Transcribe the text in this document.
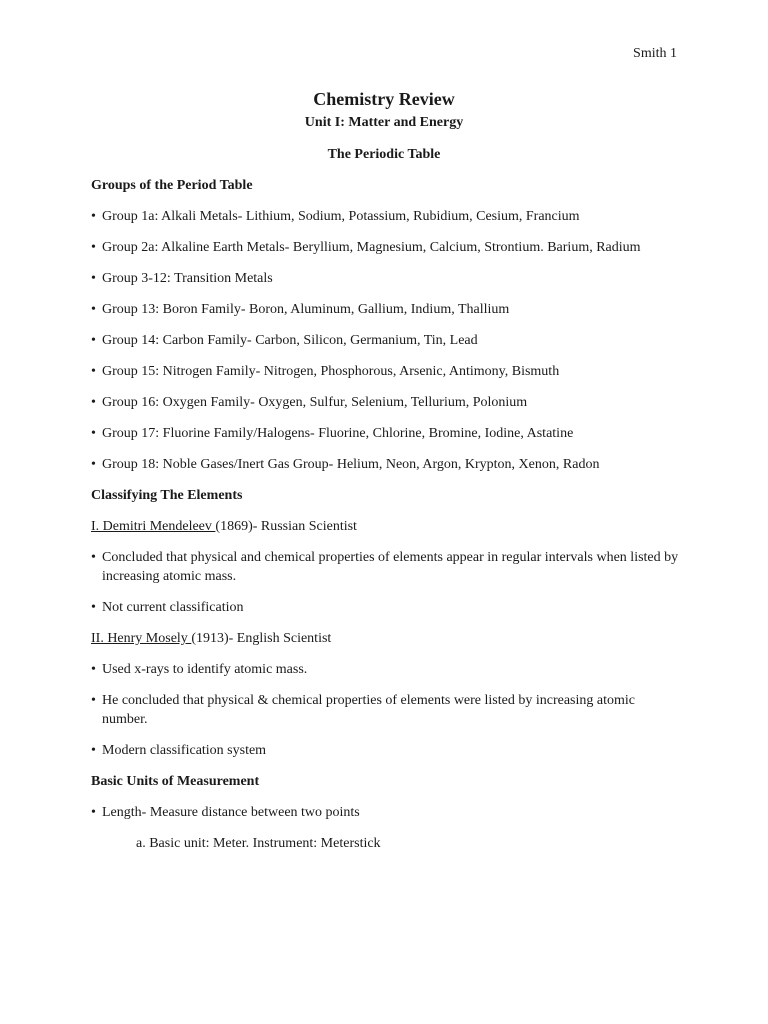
Smith 1
Chemistry Review
Unit I: Matter and Energy
The Periodic Table
Groups of the Period Table
• Group 1a: Alkali Metals- Lithium, Sodium, Potassium, Rubidium, Cesium, Francium
• Group 2a: Alkaline Earth Metals- Beryllium, Magnesium, Calcium, Strontium. Barium, Radium
• Group 3-12: Transition Metals
• Group 13: Boron Family- Boron, Aluminum, Gallium, Indium, Thallium
• Group 14: Carbon Family- Carbon, Silicon, Germanium, Tin, Lead
• Group 15: Nitrogen Family- Nitrogen, Phosphorous, Arsenic, Antimony, Bismuth
• Group 16: Oxygen Family- Oxygen, Sulfur, Selenium, Tellurium, Polonium
• Group 17: Fluorine Family/Halogens- Fluorine, Chlorine, Bromine, Iodine, Astatine
• Group 18: Noble Gases/Inert Gas Group- Helium, Neon, Argon, Krypton, Xenon, Radon
Classifying The Elements
I. Demitri Mendeleev (1869)- Russian Scientist
• Concluded that physical and chemical properties of elements appear in regular intervals when listed by increasing atomic mass.
• Not current classification
II. Henry Mosely (1913)- English Scientist
• Used x-rays to identify atomic mass.
• He concluded that physical & chemical properties of elements were listed by increasing atomic number.
• Modern classification system
Basic Units of Measurement
• Length- Measure distance between two points
a. Basic unit: Meter. Instrument: Meterstick
